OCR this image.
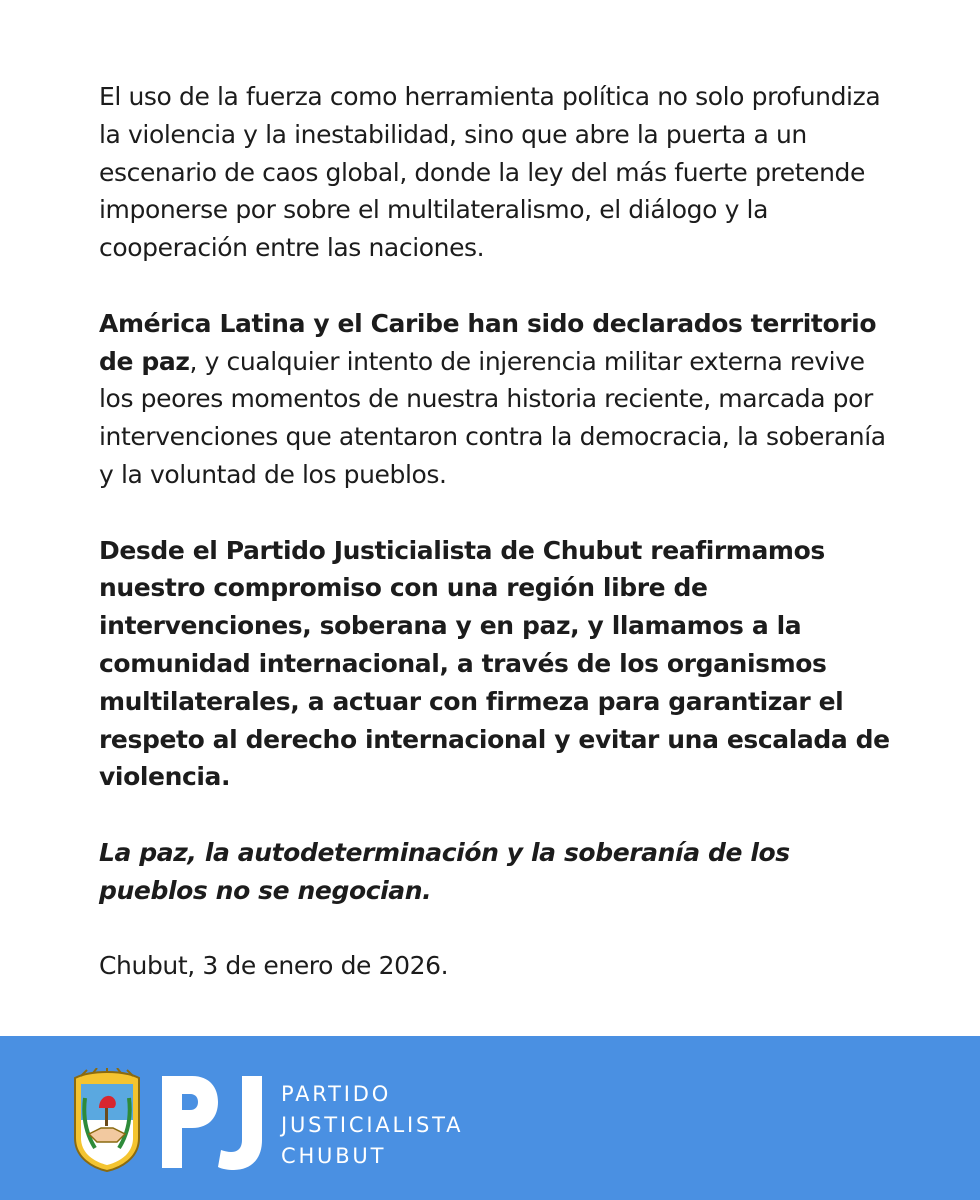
El uso de la fuerza como herramienta política no solo profundiza la violencia y la inestabilidad, sino que abre la puerta a un escenario de caos global, donde la ley del más fuerte pretende imponerse por sobre el multilateralismo, el diálogo y la cooperación entre las naciones.

América Latina y el Caribe han sido declarados territorio de paz, y cualquier intento de injerencia militar externa revive los peores momentos de nuestra historia reciente, marcada por intervenciones que atentaron contra la democracia, la soberanía y la voluntad de los pueblos.

Desde el Partido Justicialista de Chubut reafirmamos nuestro compromiso con una región libre de intervenciones, soberana y en paz, y llamamos a la comunidad internacional, a través de los organismos multilaterales, a actuar con firmeza para garantizar el respeto al derecho internacional y evitar una escalada de violencia.

La paz, la autodeterminación y la soberanía de los pueblos no se negocian.

Chubut, 3 de enero de 2026.

PJ
PARTIDO
JUSTICIALISTA
CHUBUT
